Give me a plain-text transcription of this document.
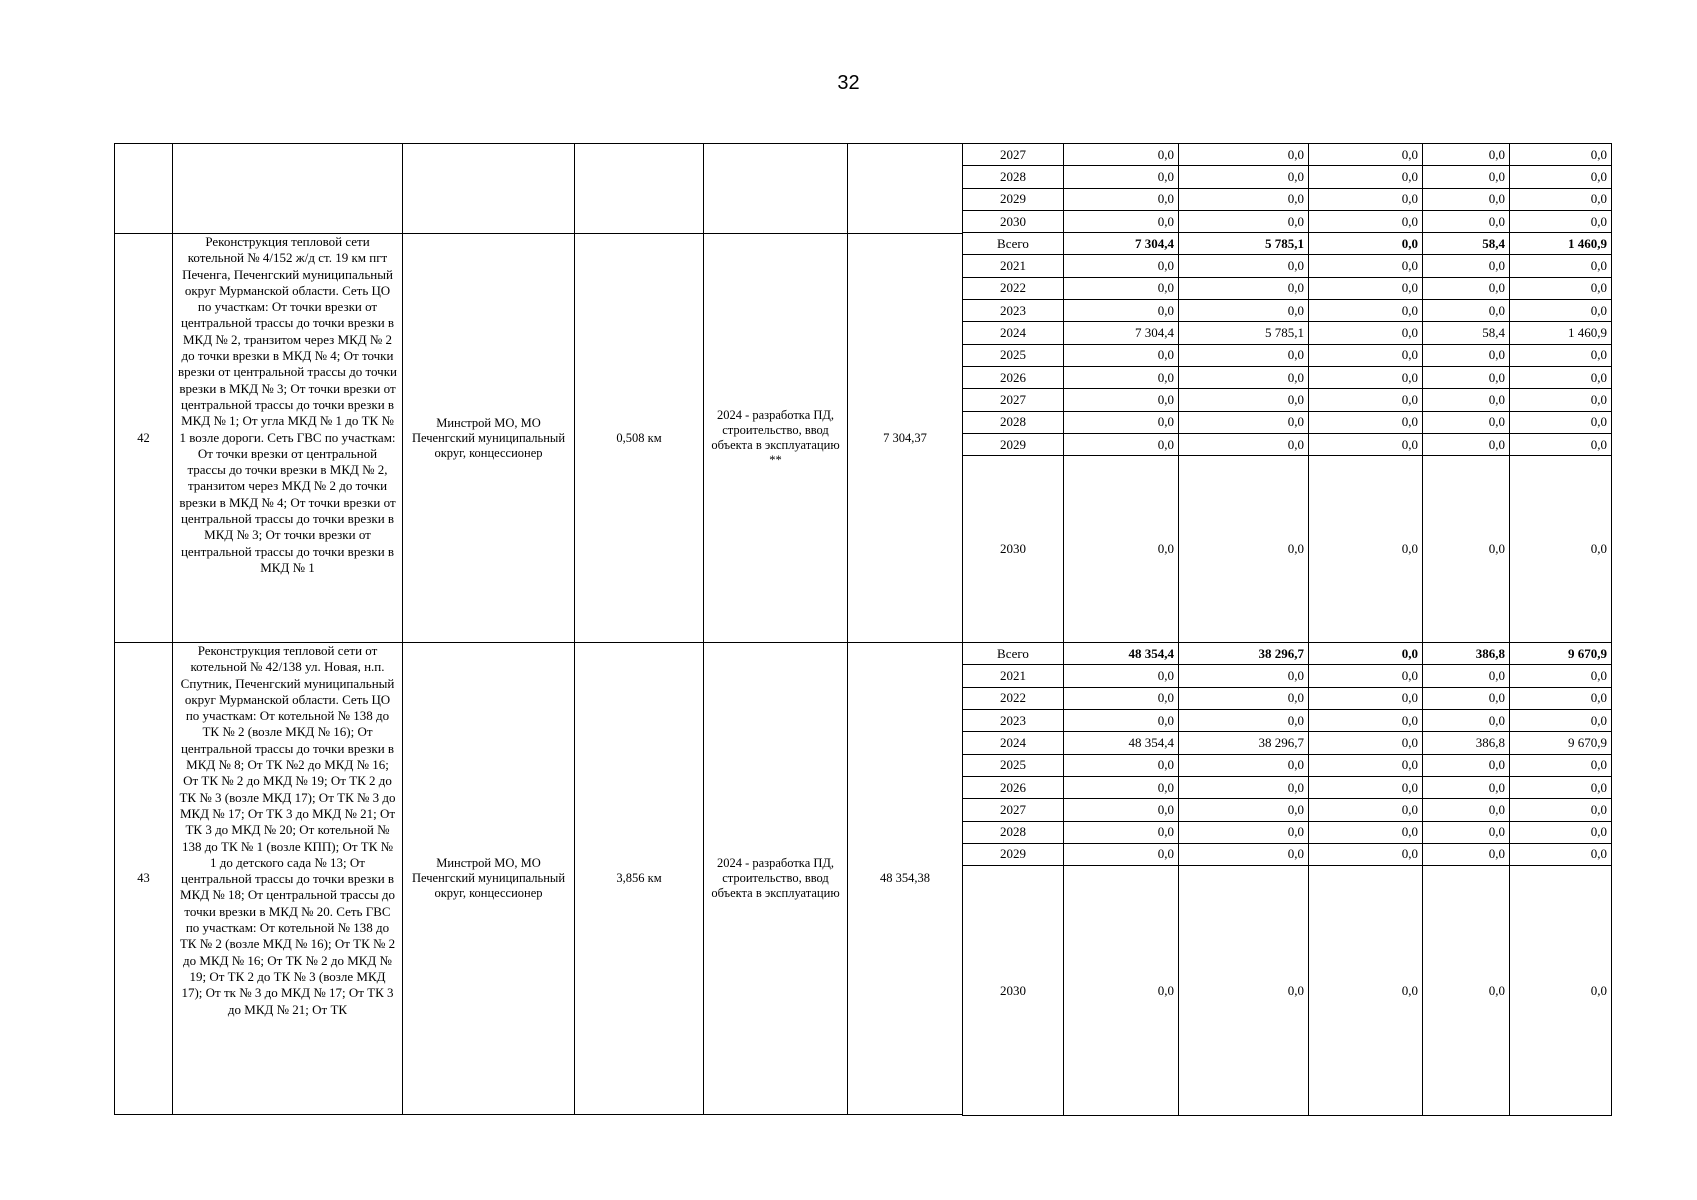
32

42	Реконструкция тепловой сети котельной № 4/152 ж/д ст. 19 км пгт Печенга, Печенгский муниципальный округ Мурманской области. Сеть ЦО по участкам: От точки врезки от центральной трассы до точки врезки в МКД № 2, транзитом через МКД № 2 до точки врезки в МКД № 4; От точки врезки от центральной трассы до точки врезки в МКД № 3; От точки врезки от центральной трассы до точки врезки в МКД № 1; От угла МКД № 1 до ТК № 1 возле дороги. Сеть ГВС по участкам: От точки врезки от центральной трассы до точки врезки в МКД № 2, транзитом через МКД № 2 до точки врезки в МКД № 4; От точки врезки от центральной трассы до точки врезки в МКД № 3; От точки врезки от центральной трассы до точки врезки в МКД № 1	Минстрой МО, МО Печенгский муниципальный округ, концессионер	0,508 км	2024 - разработка ПД, строительство, ввод объекта в эксплуатацию **	7 304,37
43	Реконструкция тепловой сети от котельной № 42/138 ул. Новая, н.п. Спутник, Печенгский муниципальный округ Мурманской области. Сеть ЦО по участкам: От котельной № 138 до ТК № 2 (возле МКД № 16); От центральной трассы до точки врезки в МКД № 8; От ТК №2 до МКД № 16; От ТК № 2 до МКД № 19; От ТК 2 до ТК № 3 (возле МКД 17); От ТК № 3 до МКД № 17; От ТК 3 до МКД № 21; От ТК 3 до МКД № 20; От котельной № 138 до ТК № 1 (возле КПП); От ТК № 1 до детского сада № 13; От центральной трассы до точки врезки в МКД № 18; От центральной трассы до точки врезки в МКД № 20. Сеть ГВС по участкам: От котельной № 138 до ТК № 2 (возле МКД № 16); От ТК № 2 до МКД № 16; От ТК № 2 до МКД № 19; От ТК 2 до ТК № 3 (возле МКД 17); От тк № 3 до МКД № 17; От ТК 3 до МКД № 21; От ТК	Минстрой МО, МО Печенгский муниципальный округ, концессионер	3,856 км	2024 - разработка ПД, строительство, ввод объекта в эксплуатацию	48 354,38
2027	0,0	0,0	0,0	0,0	0,0
2028	0,0	0,0	0,0	0,0	0,0
2029	0,0	0,0	0,0	0,0	0,0
2030	0,0	0,0	0,0	0,0	0,0
Всего	7 304,4	5 785,1	0,0	58,4	1 460,9
2021	0,0	0,0	0,0	0,0	0,0
2022	0,0	0,0	0,0	0,0	0,0
2023	0,0	0,0	0,0	0,0	0,0
2024	7 304,4	5 785,1	0,0	58,4	1 460,9
2025	0,0	0,0	0,0	0,0	0,0
2026	0,0	0,0	0,0	0,0	0,0
2027	0,0	0,0	0,0	0,0	0,0
2028	0,0	0,0	0,0	0,0	0,0
2029	0,0	0,0	0,0	0,0	0,0
2030	0,0	0,0	0,0	0,0	0,0
Всего	48 354,4	38 296,7	0,0	386,8	9 670,9
2021	0,0	0,0	0,0	0,0	0,0
2022	0,0	0,0	0,0	0,0	0,0
2023	0,0	0,0	0,0	0,0	0,0
2024	48 354,4	38 296,7	0,0	386,8	9 670,9
2025	0,0	0,0	0,0	0,0	0,0
2026	0,0	0,0	0,0	0,0	0,0
2027	0,0	0,0	0,0	0,0	0,0
2028	0,0	0,0	0,0	0,0	0,0
2029	0,0	0,0	0,0	0,0	0,0
2030	0,0	0,0	0,0	0,0	0,0
